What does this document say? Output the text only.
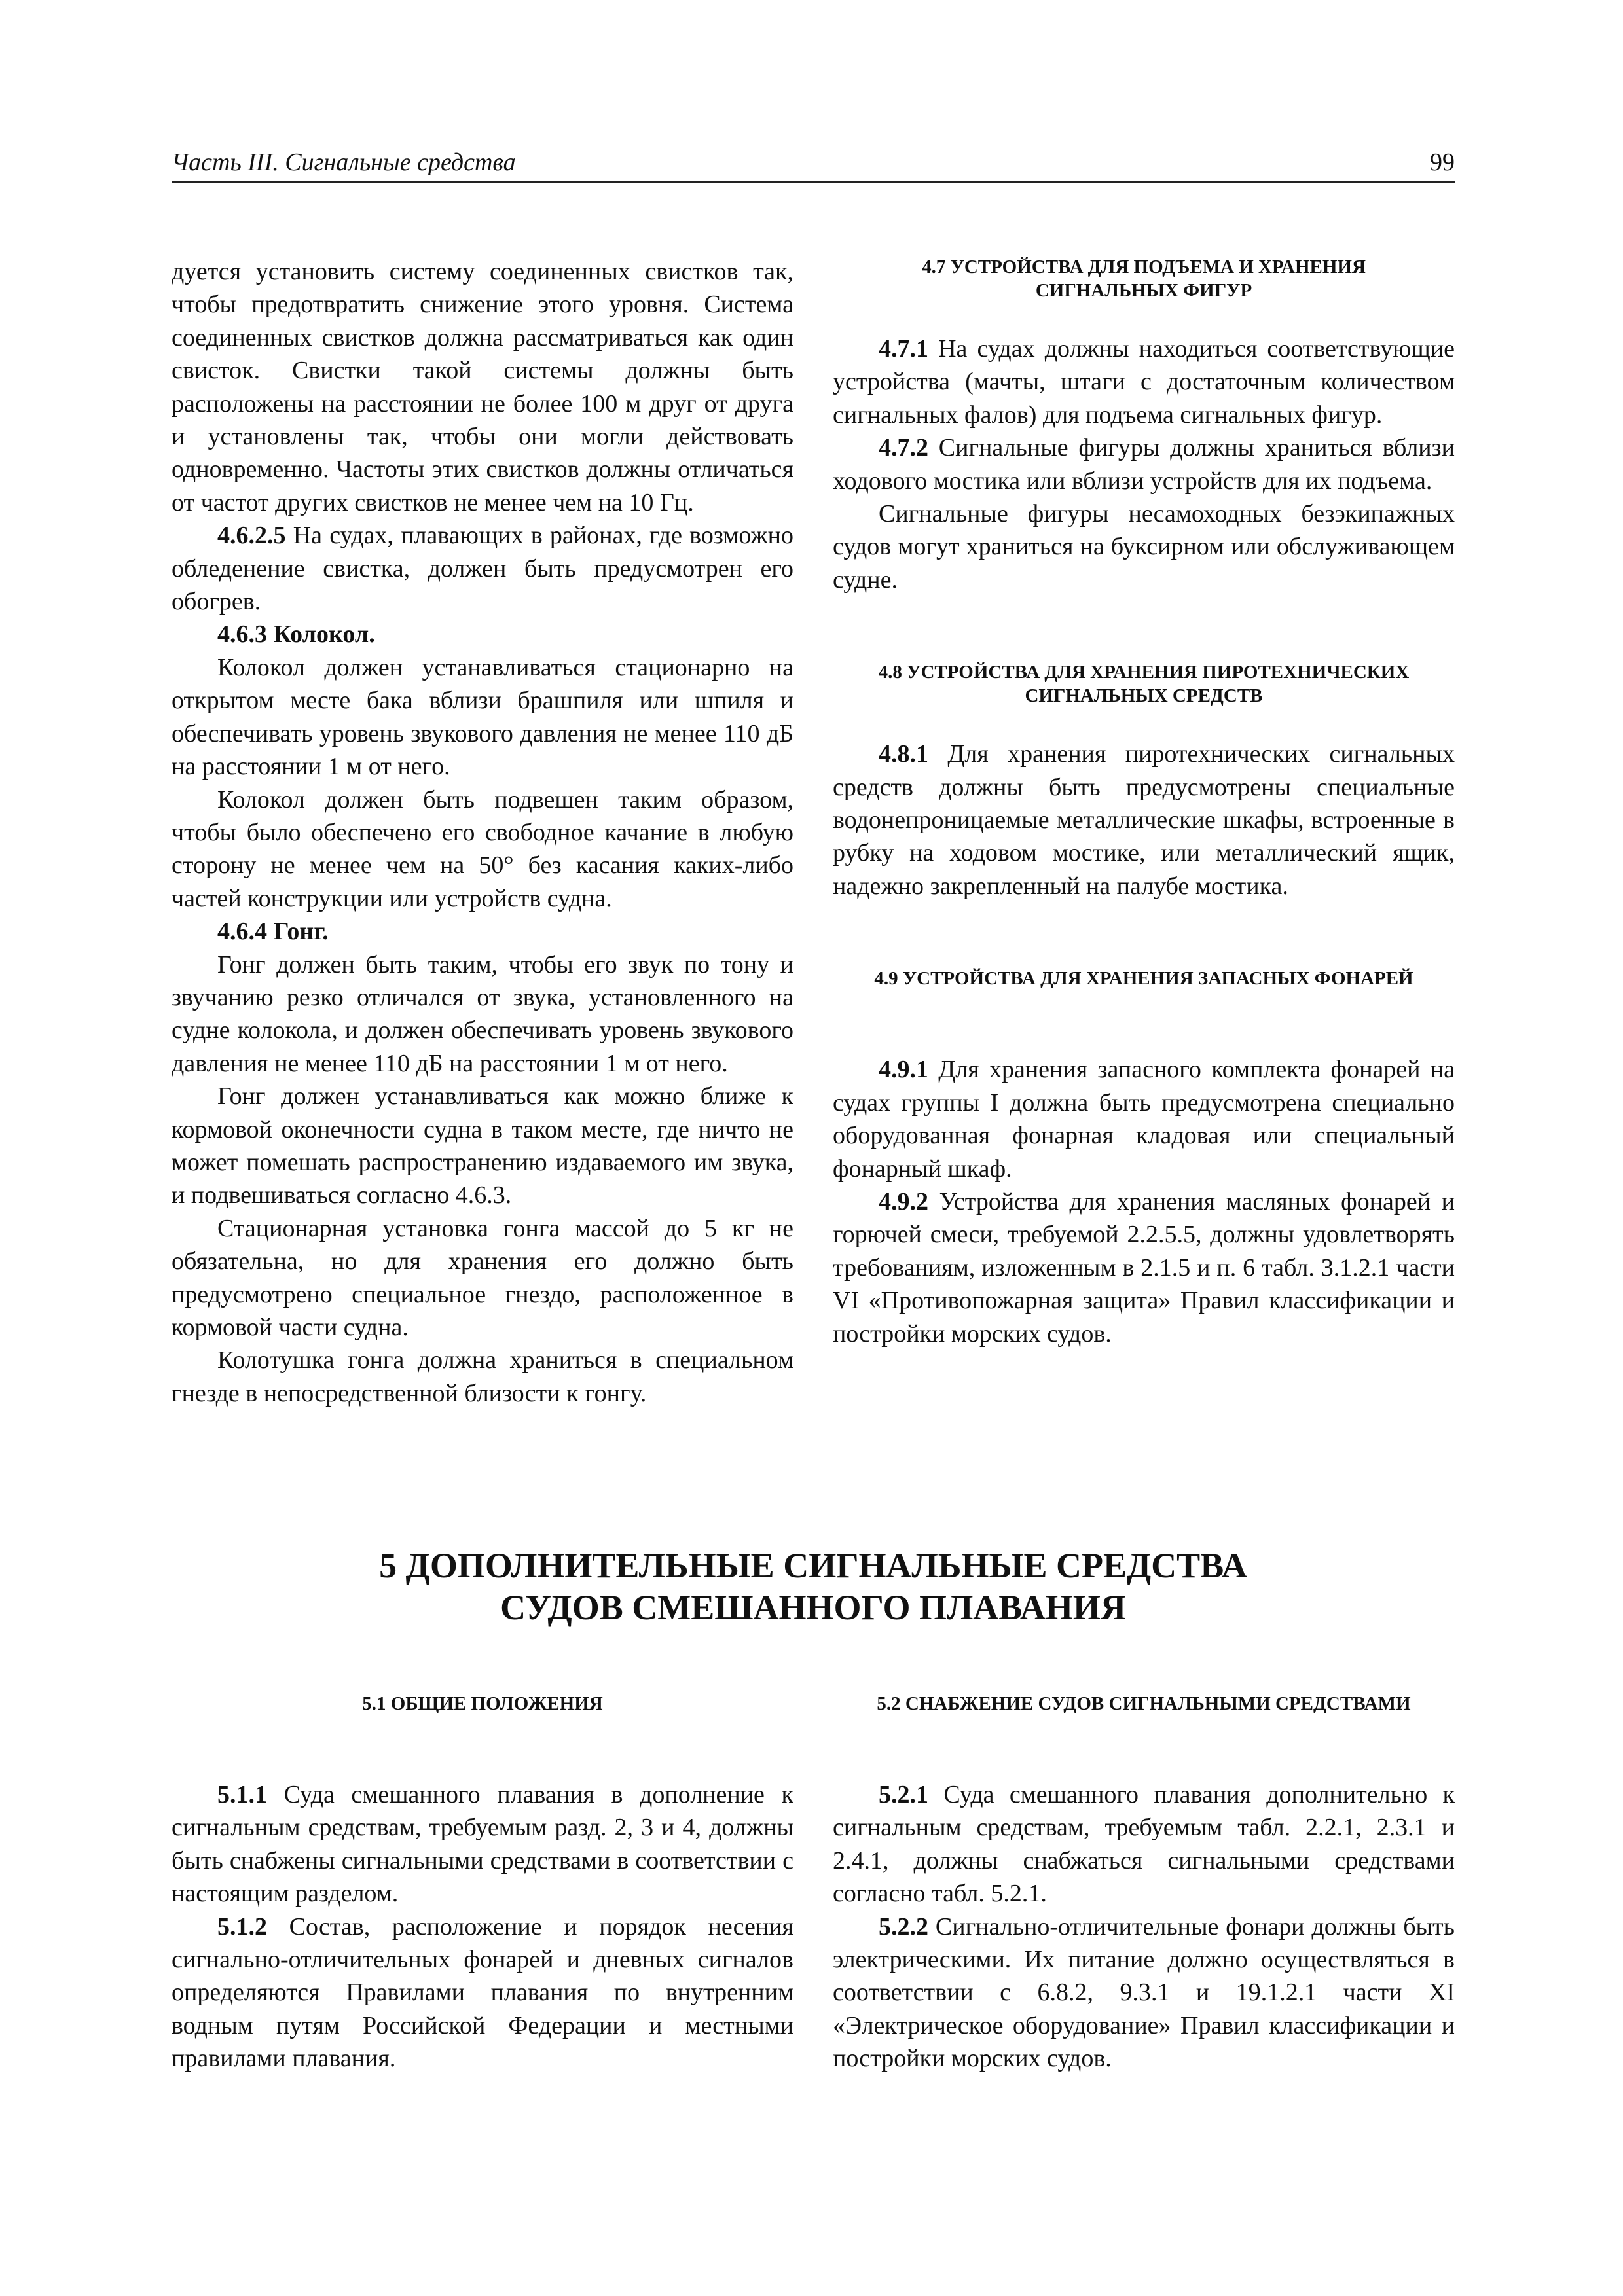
Часть III. Сигнальные средства	99

дуется установить систему соединенных свистков так, чтобы предотвратить снижение этого уровня. Система соединенных свистков должна рассматриваться как один свисток. Свистки такой системы должны быть расположены на расстоянии не более 100 м друг от друга и установлены так, чтобы они могли действовать одновременно. Частоты этих свистков должны отличаться от частот других свистков не менее чем на 10 Гц.

4.6.2.5 На судах, плавающих в районах, где возможно обледенение свистка, должен быть предусмотрен его обогрев.

4.6.3 Колокол.

Колокол должен устанавливаться стационарно на открытом месте бака вблизи брашпиля или шпиля и обеспечивать уровень звукового давления не менее 110 дБ на расстоянии 1 м от него.

Колокол должен быть подвешен таким образом, чтобы было обеспечено его свободное качание в любую сторону не менее чем на 50° без касания каких-либо частей конструкции или устройств судна.

4.6.4 Гонг.

Гонг должен быть таким, чтобы его звук по тону и звучанию резко отличался от звука, установленного на судне колокола, и должен обеспечивать уровень звукового давления не менее 110 дБ на расстоянии 1 м от него.

Гонг должен устанавливаться как можно ближе к кормовой оконечности судна в таком месте, где ничто не может помешать распространению издаваемого им звука, и подвешиваться согласно 4.6.3.

Стационарная установка гонга массой до 5 кг не обязательна, но для хранения его должно быть предусмотрено специальное гнездо, расположенное в кормовой части судна.

Колотушка гонга должна храниться в специальном гнезде в непосредственной близости к гонгу.

4.7 УСТРОЙСТВА ДЛЯ ПОДЪЕМА И ХРАНЕНИЯ СИГНАЛЬНЫХ ФИГУР

4.7.1 На судах должны находиться соответствующие устройства (мачты, штаги с достаточным количеством сигнальных фалов) для подъема сигнальных фигур.

4.7.2 Сигнальные фигуры должны храниться вблизи ходового мостика или вблизи устройств для их подъема.

Сигнальные фигуры несамоходных безэкипажных судов могут храниться на буксирном или обслуживающем судне.

4.8 УСТРОЙСТВА ДЛЯ ХРАНЕНИЯ ПИРОТЕХНИЧЕСКИХ СИГНАЛЬНЫХ СРЕДСТВ

4.8.1 Для хранения пиротехнических сигнальных средств должны быть предусмотрены специальные водонепроницаемые металлические шкафы, встроенные в рубку на ходовом мостике, или металлический ящик, надежно закрепленный на палубе мостика.

4.9 УСТРОЙСТВА ДЛЯ ХРАНЕНИЯ ЗАПАСНЫХ ФОНАРЕЙ

4.9.1 Для хранения запасного комплекта фонарей на судах группы I должна быть предусмотрена специально оборудованная фонарная кладовая или специальный фонарный шкаф.

4.9.2 Устройства для хранения масляных фонарей и горючей смеси, требуемой 2.2.5.5, должны удовлетворять требованиям, изложенным в 2.1.5 и п. 6 табл. 3.1.2.1 части VI «Противопожарная защита» Правил классификации и постройки морских судов.

5 ДОПОЛНИТЕЛЬНЫЕ СИГНАЛЬНЫЕ СРЕДСТВА
СУДОВ СМЕШАННОГО ПЛАВАНИЯ

5.1 ОБЩИЕ ПОЛОЖЕНИЯ

5.1.1 Суда смешанного плавания в дополнение к сигнальным средствам, требуемым разд. 2, 3 и 4, должны быть снабжены сигнальными средствами в соответствии с настоящим разделом.

5.1.2 Состав, расположение и порядок несения сигнально-отличительных фонарей и дневных сигналов определяются Правилами плавания по внутренним водным путям Российской Федерации и местными правилами плавания.

5.2 СНАБЖЕНИЕ СУДОВ СИГНАЛЬНЫМИ СРЕДСТВАМИ

5.2.1 Суда смешанного плавания дополнительно к сигнальным средствам, требуемым табл. 2.2.1, 2.3.1 и 2.4.1, должны снабжаться сигнальными средствами согласно табл. 5.2.1.

5.2.2 Сигнально-отличительные фонари должны быть электрическими. Их питание должно осуществляться в соответствии с 6.8.2, 9.3.1 и 19.1.2.1 части XI «Электрическое оборудование» Правил классификации и постройки морских судов.
